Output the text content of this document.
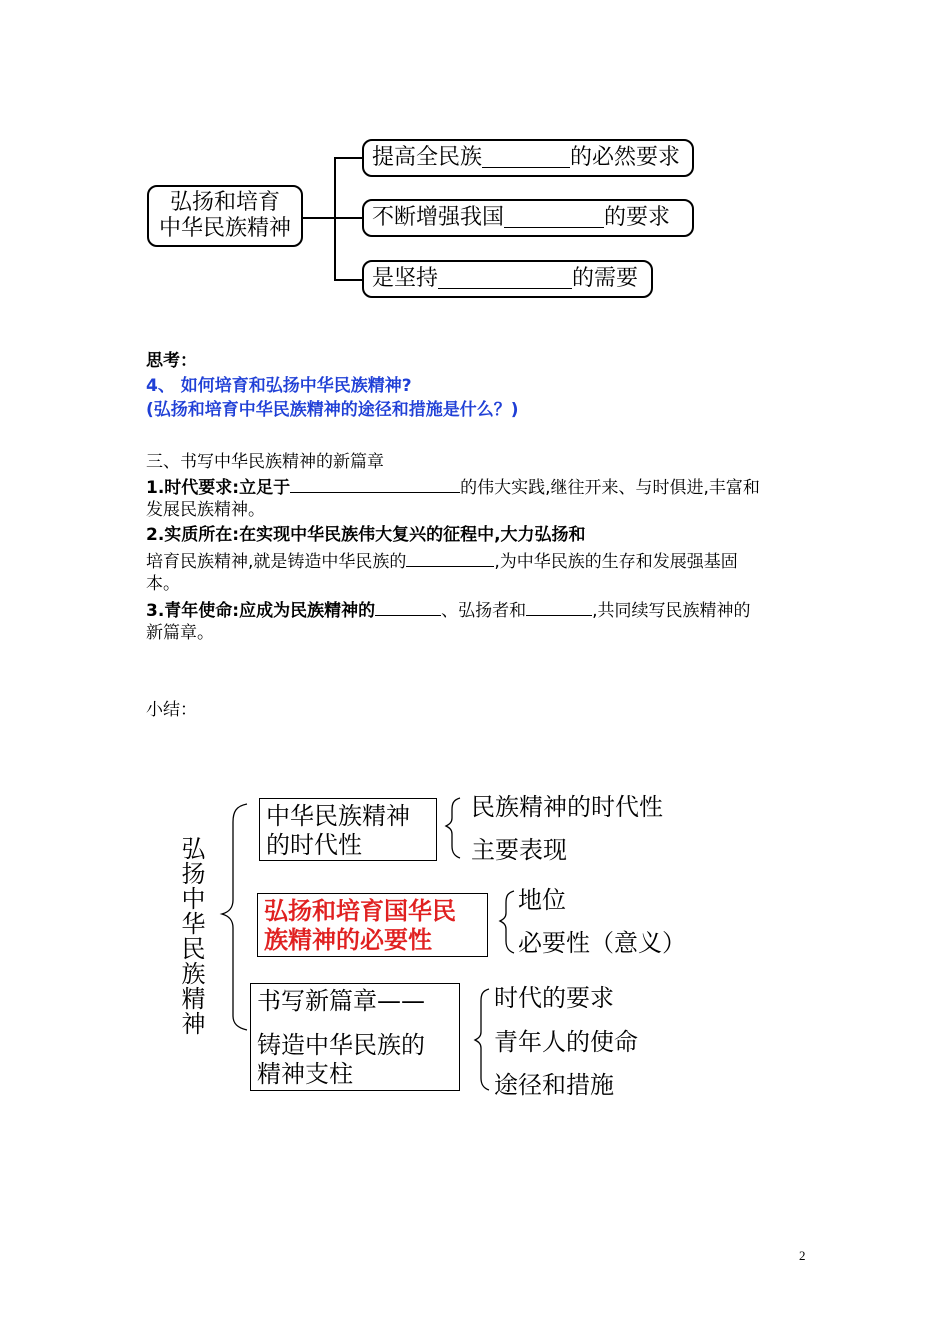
弘扬和培育
中华民族精神
提高全民族	的必然要求
不断增强我国	的要求
是坚持	的需要
思考：
4、 如何培育和弘扬中华民族精神?
(弘扬和培育中华民族精神的途径和措施是什么？)
三、书写中华民族精神的新篇章
1.时代要求:立足于	的伟大实践,继往开来、与时俱进,丰富和
发展民族精神。
2.实质所在:在实现中华民族伟大复兴的征程中,大力弘扬和
培育民族精神,就是铸造中华民族的	,为中华民族的生存和发展强基固
本。
3.青年使命:应成为民族精神的	、弘扬者和	,共同续写民族精神的
新篇章。
小结：
弘扬中华民族精神
中华民族精神
的时代性
民族精神的时代性
主要表现
弘扬和培育国华民
族精神的必要性
地位
必要性（意义）
书写新篇章——
铸造中华民族的
精神支柱
时代的要求
青年人的使命
途径和措施
2
